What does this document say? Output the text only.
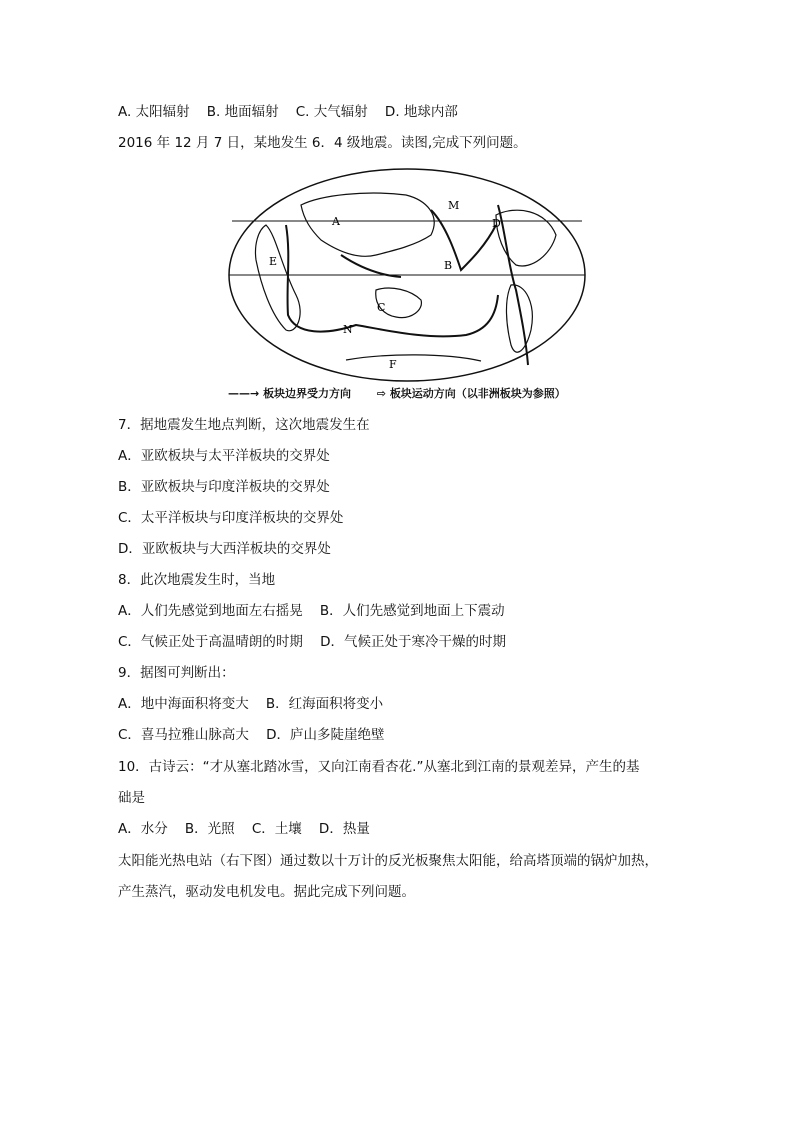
A. 太阳辐射    B. 地面辐射    C. 大气辐射    D. 地球内部
2016 年 12 月 7 日，某地发生 6．4 级地震。读图,完成下列问题。
A
B
C
D
E
F
M
N
——→ 板块边界受力方向 ⇨ 板块运动方向（以非洲板块为参照）
7．据地震发生地点判断，这次地震发生在
A．亚欧板块与太平洋板块的交界处
B．亚欧板块与印度洋板块的交界处
C．太平洋板块与印度洋板块的交界处
D．亚欧板块与大西洋板块的交界处
8．此次地震发生时，当地
A．人们先感觉到地面左右摇晃    B．人们先感觉到地面上下震动
C．气候正处于高温晴朗的时期    D．气候正处于寒冷干燥的时期
9．据图可判断出：
A．地中海面积将变大    B．红海面积将变小
C．喜马拉雅山脉高大    D．庐山多陡崖绝壁
10．古诗云：“才从塞北踏冰雪，又向江南看杏花.”从塞北到江南的景观差异，产生的基
础是
A．水分    B．光照    C．土壤    D．热量
太阳能光热电站（右下图）通过数以十万计的反光板聚焦太阳能，给高塔顶端的锅炉加热，
产生蒸汽，驱动发电机发电。据此完成下列问题。
